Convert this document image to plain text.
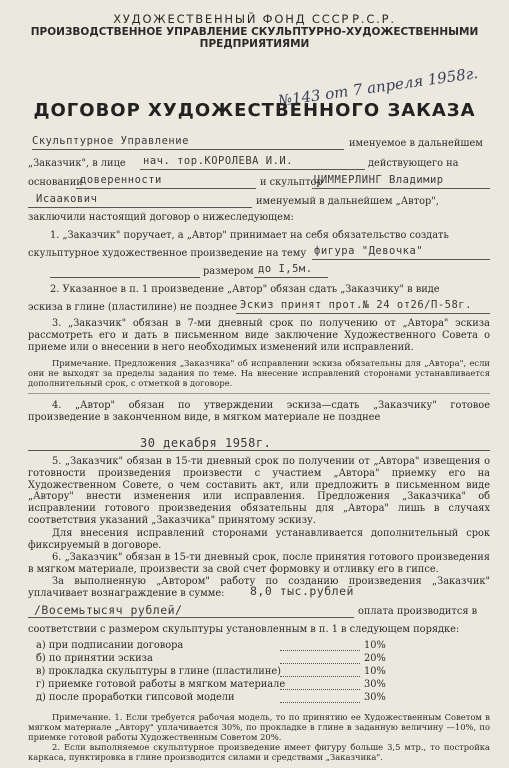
ХУДОЖЕСТВЕННЫЙ ФОНД СССР Р.С.Р.
ПРОИЗВОДСТВЕННОЕ УПРАВЛЕНИЕ СКУЛЬПТУРНО-ХУДОЖЕСТВЕННЫМИ
ПРЕДПРИЯТИЯМИ
№143 от 7 апреля 1958г.
ДОГОВОР ХУДОЖЕСТВЕННОГО ЗАКАЗА
Скульптурное Управление	именуемое в дальнейшем
„Заказчик", в лице нач. тор.КОРОЛЕВА И.И.	действующего на
основании
доверенности	и скульптор
ЦИММЕРЛИНГ Владимир
Исаакович	именуемый в дальнейшем „Автор",
заключили настоящий договор о нижеследующем:
1. „Заказчик" поручает, а „Автор" принимает на себя обязательство создать
скульптурное художественное произведение на тему фигура "Девочка"
размером до I,5м.
2. Указанное в п. 1 произведение „Автор" обязан сдать „Заказчику" в виде
эскиза в глине (пластилине) не позднее Эскиз принят прот.№ 24 от26/П-58г.
3. „Заказчик" обязан в 7-ми дневный срок по получению от „Автора" эскиза рассмотреть его и дать в письменном виде заключение Художественного Совета о приеме или о внесении в него необходимых изменений или исправлений.
Примечание. Предложения „Заказчика" об исправлении эскиза обязательны для „Автора", если они не выходят за пределы задания по теме. На внесение исправлений сторонами устанавливается дополнительный срок, с отметкой в договоре.
4. „Автор" обязан по утверждении эскиза—сдать „Заказчику" готовое произведение в законченном виде, в мягком материале не позднее
30 декабря 1958г.
5. „Заказчик" обязан в 15-ти дневный срок по получении от „Автора" извещения о готовности произведения произвести с участием „Автора" приемку его на Художественном Совете, о чем составить акт, или предложить в письменном виде „Автору" внести изменения или исправления. Предложения „Заказчика" об исправлении готового произведения обязательны для „Автора" лишь в случаях соответствия указаний „Заказчика" принятому эскизу.
Для внесения исправлений сторонами устанавливается дополнительный срок фиксируемый в договоре.
6. „Заказчик" обязан в 15-ти дневный срок, после принятия готового произведения в мягком материале, произвести за свой счет формовку и отливку его в гипсе.
За выполненную „Автором" работу по созданию произведения „Заказчик" уплачивает вознаграждение в сумме:	8,0 тыс.рублей
/Восемьтысяч рублей/	оплата производится в
соответствии с размером скульптуры установленным в п. 1 в следующем порядке:
а) при подписании договора	10%
б) по принятии эскиза	20%
в) прокладка скульптуры в глине (пластилине)	10%
г) приемке готовой работы в мягком материале	30%
д) после проработки гипсовой модели	30%
Примечание. 1. Если требуется рабочая модель, то по принятию ее Художественным Советом в мягком материале „Автору" уплачивается 30%, по прокладке в глине в заданную величину —10%, по приемке готовой работы Художественным Советом 20%.
2. Если выполняемое скульптурное произведение имеет фигуру больше 3,5 мтр., то постройка каркаса, пунктировка в глине производится силами и средствами „Заказчика".
